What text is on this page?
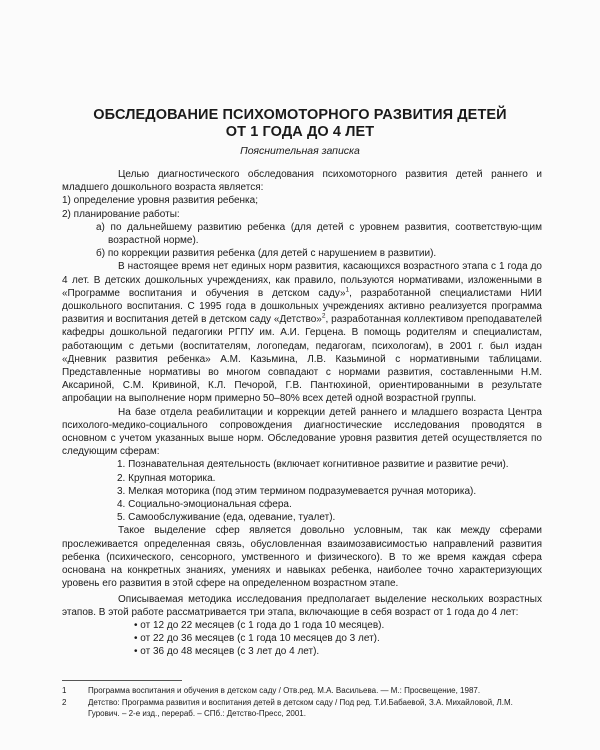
ОБСЛЕДОВАНИЕ ПСИХОМОТОРНОГО РАЗВИТИЯ ДЕТЕЙ
ОТ 1 ГОДА ДО 4 ЛЕТ
Пояснительная записка

Целью диагностического обследования психомоторного развития детей раннего и младшего дошкольного возраста является:

1) определение уровня развития ребенка;

2) планирование работы:

а) по дальнейшему развитию ребенка (для детей с уровнем развития, соответствую-щим возрастной норме).

б) по коррекции развития ребенка (для детей с нарушением в развитии).

В настоящее время нет единых норм развития, касающихся возрастного этапа с 1 года до 4 лет. В детских дошкольных учреждениях, как правило, пользуются нормативами, изложенными в «Программе воспитания и обучения в детском саду»$^1$, разработанной специалистами НИИ дошкольного воспитания. С 1995 года в дошкольных учреждениях активно реализуется программа развития и воспитания детей в детском саду «Детство»$^2$, разработанная коллективом преподавателей кафедры дошкольной педагогики РГПУ им. А.И. Герцена. В помощь родителям и специалистам, работающим с детьми (воспитателям, логопедам, педагогам, психологам), в 2001 г. был издан «Дневник развития ребенка» А.М. Казьмина, Л.В. Казьминой с нормативными таблицами. Представленные нормативы во многом совпадают с нормами развития, составленными Н.М. Аксариной, С.М. Кривиной, К.Л. Печорой, Г.В. Пантюхиной, ориентированными в результате апробации на выполнение норм примерно 50–80% всех детей одной возрастной группы.

На базе отдела реабилитации и коррекции детей раннего и младшего возраста Центра психолого-медико-социального сопровождения диагностические исследования проводятся в основном с учетом указанных выше норм. Обследование уровня развития детей осуществляется по следующим сферам:

1. Познавательная деятельность (включает когнитивное развитие и развитие речи).

2. Крупная моторика.

3. Мелкая моторика (под этим термином подразумевается ручная моторика).

4. Социально-эмоциональная сфера.

5. Самообслуживание (еда, одевание, туалет).

Такое выделение сфер является довольно условным, так как между сферами прослеживается определенная связь, обусловленная взаимозависимостью направлений развития ребенка (психического, сенсорного, умственного и физического). В то же время каждая сфера основана на конкретных знаниях, умениях и навыках ребенка, наиболее точно характеризующих уровень его развития в этой сфере на определенном возрастном этапе.

Описываемая методика исследования предполагает выделение нескольких возрастных этапов. В этой работе рассматривается три этапа, включающие в себя возраст от 1 года до 4 лет:

• от 12 до 22 месяцев (с 1 года до 1 года 10 месяцев).

• от 22 до 36 месяцев (с 1 года 10 месяцев до 3 лет).

• от 36 до 48 месяцев (с 3 лет до 4 лет).

1	Программа воспитания и обучения в детском саду / Отв.ред. М.А. Васильева. — М.: Просвещение, 1987.
2	Детство: Программа развития и воспитания детей в детском саду / Под ред. Т.И.Бабаевой, З.А. Михайловой, Л.М. Гурович. – 2-е изд., перераб. – СПб.: Детство-Пресс, 2001.
